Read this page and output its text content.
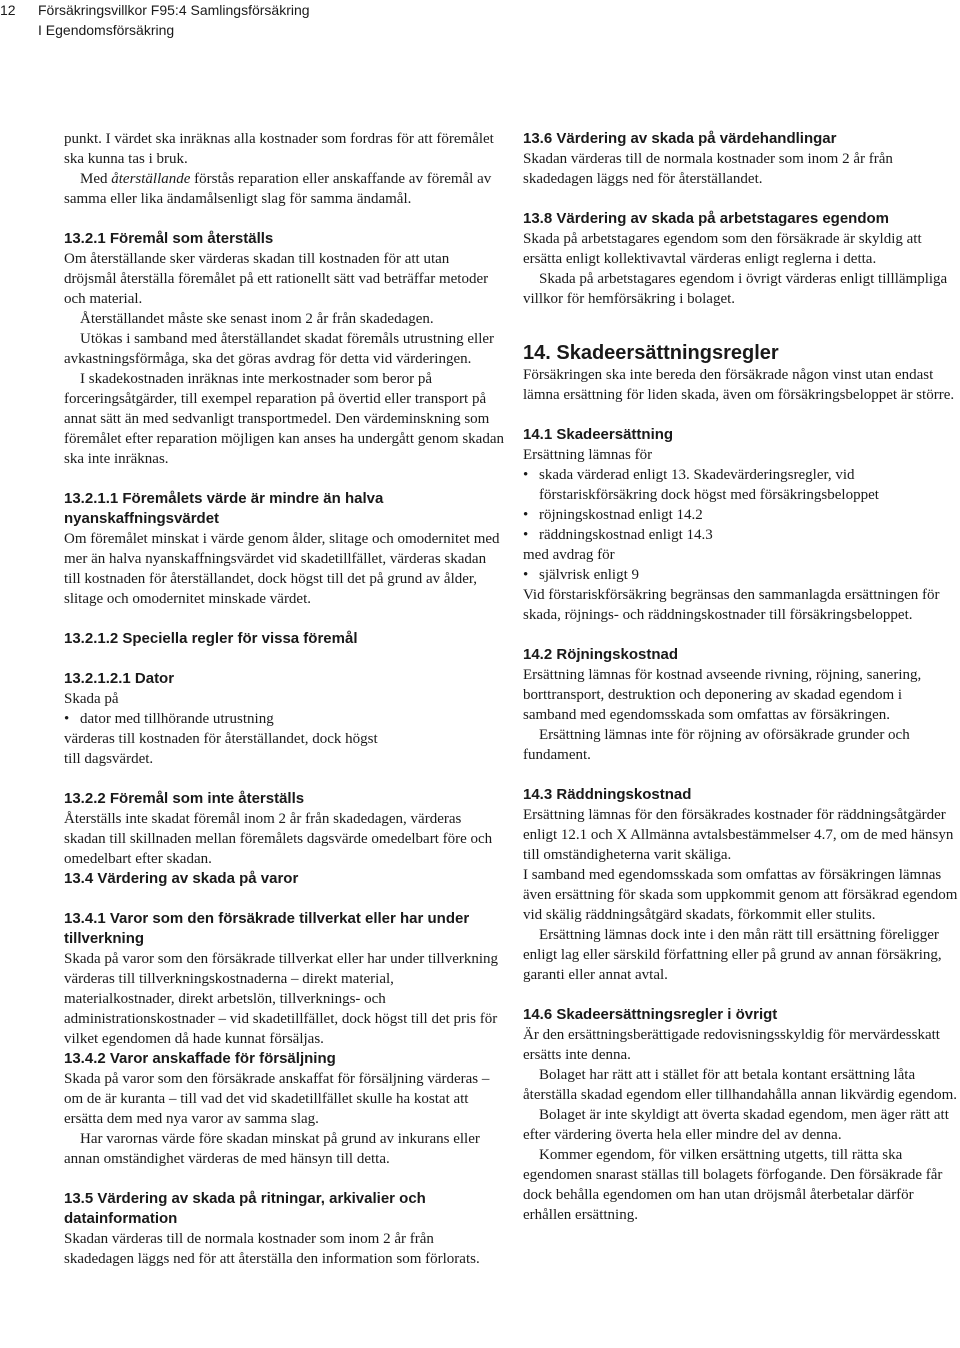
12	Försäkringsvillkor F95:4 Samlingsförsäkring
I Egendomsförsäkring

punkt. I värdet ska inräknas alla kostnader som fordras för att föremålet ska kunna tas i bruk.

Med återställande förstås reparation eller anskaffande av föremål av samma eller lika ändamålsenligt slag för samma ändamål.

13.2.1 Föremål som återställs

Om återställande sker värderas skadan till kostnaden för att utan dröjsmål återställa föremålet på ett rationellt sätt vad beträffar metoder och material.

Återställandet måste ske senast inom 2 år från skadedagen.

Utökas i samband med återställandet skadat föremåls utrustning eller avkastningsförmåga, ska det göras avdrag för detta vid värderingen.

I skadekostnaden inräknas inte merkostnader som beror på forceringsåtgärder, till exempel reparation på övertid eller transport på annat sätt än med sedvanligt transportmedel. Den värdeminskning som föremålet efter reparation möjligen kan anses ha undergått genom skadan ska inte inräknas.

13.2.1.1 Föremålets värde är mindre än halva nyanskaffningsvärdet

Om föremålet minskat i värde genom ålder, slitage och omodernitet med mer än halva nyanskaffningsvärdet vid skadetillfället, värderas skadan till kostnaden för återställandet, dock högst till det på grund av ålder, slitage och omodernitet minskade värdet.

13.2.1.2 Speciella regler för vissa föremål
13.2.1.2.1 Dator

Skada på

• dator med tillhörande utrustning

värderas till kostnaden för återställandet, dock högst till dagsvärdet.

13.2.2 Föremål som inte återställs

Återställs inte skadat föremål inom 2 år från skadedagen, värderas skadan till skillnaden mellan föremålets dagsvärde omedelbart före och omedelbart efter skadan.

13.4 Värdering av skada på varor
13.4.1 Varor som den försäkrade tillverkat eller har under tillverkning

Skada på varor som den försäkrade tillverkat eller har under tillverkning värderas till tillverkningskostnaderna – direkt material, materialkostnader, direkt arbetslön, tillverknings- och administrationskostnader – vid skadetillfället, dock högst till det pris för vilket egendomen då hade kunnat försäljas.

13.4.2 Varor anskaffade för försäljning

Skada på varor som den försäkrade anskaffat för försäljning värderas – om de är kuranta – till vad det vid skadetillfället skulle ha kostat att ersätta dem med nya varor av samma slag.

Har varornas värde före skadan minskat på grund av inkurans eller annan omständighet värderas de med hänsyn till detta.

13.5 Värdering av skada på ritningar, arkivalier och datainformation

Skadan värderas till de normala kostnader som inom 2 år från skadedagen läggs ned för att återställa den information som förlorats.

13.6 Värdering av skada på värdehandlingar

Skadan värderas till de normala kostnader som inom 2 år från skadedagen läggs ned för återställandet.

13.8 Värdering av skada på arbetstagares egendom

Skada på arbetstagares egendom som den försäkrade är skyldig att ersätta enligt kollektivavtal värderas enligt reglerna i detta.

Skada på arbetstagares egendom i övrigt värderas enligt tilllämpliga villkor för hemförsäkring i bolaget.

14. Skadeersättningsregler

Försäkringen ska inte bereda den försäkrade någon vinst utan endast lämna ersättning för liden skada, även om försäkringsbeloppet är större.

14.1 Skadeersättning

Ersättning lämnas för

• skada värderad enligt 13. Skadevärderingsregler, vid förstariskförsäkring dock högst med försäkringsbeloppet
• röjningskostnad enligt 14.2
• räddningskostnad enligt 14.3

med avdrag för

• självrisk enligt 9

Vid förstariskförsäkring begränsas den sammanlagda ersättningen för skada, röjnings- och räddningskostnader till försäkringsbeloppet.

14.2 Röjningskostnad

Ersättning lämnas för kostnad avseende rivning, röjning, sanering, borttransport, destruktion och deponering av skadad egendom i samband med egendomsskada som omfattas av försäkringen.

Ersättning lämnas inte för röjning av oförsäkrade grunder och fundament.

14.3 Räddningskostnad

Ersättning lämnas för den försäkrades kostnader för räddningsåtgärder enligt 12.1 och X Allmänna avtalsbestämmelser 4.7, om de med hänsyn till omständigheterna varit skäliga.

I samband med egendomsskada som omfattas av försäkringen lämnas även ersättning för skada som uppkommit genom att försäkrad egendom vid skälig räddningsåtgärd skadats, förkommit eller stulits.

Ersättning lämnas dock inte i den mån rätt till ersättning föreligger enligt lag eller särskild författning eller på grund av annan försäkring, garanti eller annat avtal.

14.6 Skadeersättningsregler i övrigt

Är den ersättningsberättigade redovisningsskyldig för mervärdesskatt ersätts inte denna.

Bolaget har rätt att i stället för att betala kontant ersättning låta återställa skadad egendom eller tillhandahålla annan likvärdig egendom.

Bolaget är inte skyldigt att överta skadad egendom, men äger rätt att efter värdering överta hela eller mindre del av denna.

Kommer egendom, för vilken ersättning utgetts, till rätta ska egendomen snarast ställas till bolagets förfogande. Den försäkrade får dock behålla egendomen om han utan dröjsmål återbetalar därför erhållen ersättning.
